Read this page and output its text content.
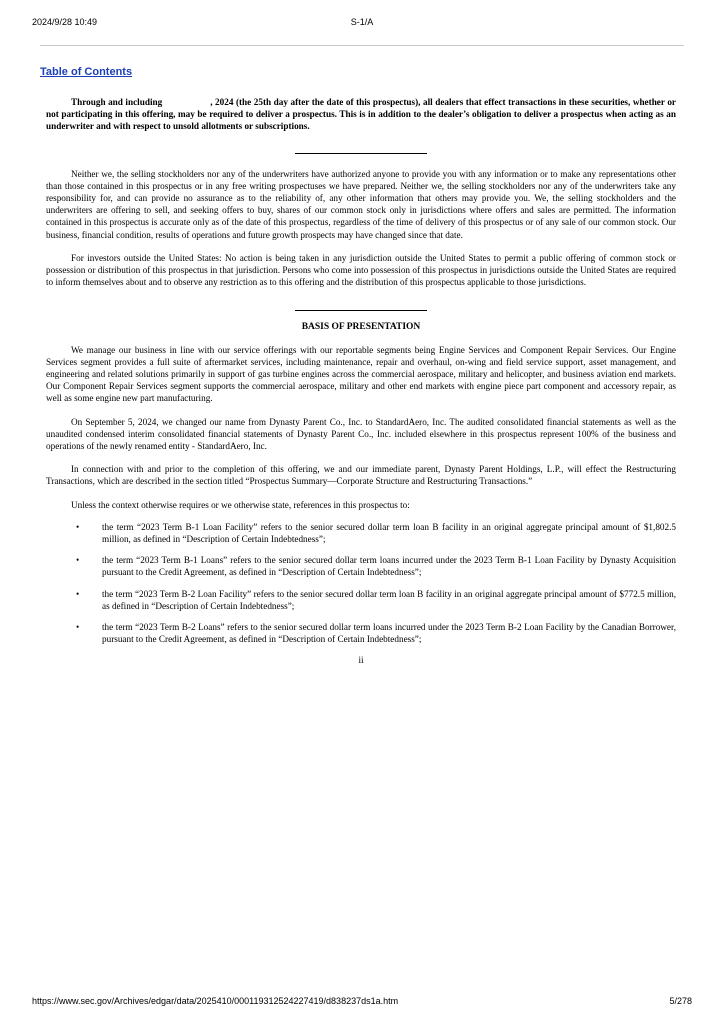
2024/9/28 10:49	S-1/A
Table of Contents

Through and including	, 2024 (the 25th day after the date of this prospectus), all dealers that effect transactions in these securities, whether or not participating in this offering, may be required to deliver a prospectus. This is in addition to the dealer’s obligation to deliver a prospectus when acting as an underwriter and with respect to unsold allotments or subscriptions.

Neither we, the selling stockholders nor any of the underwriters have authorized anyone to provide you with any information or to make any representations other than those contained in this prospectus or in any free writing prospectuses we have prepared. Neither we, the selling stockholders nor any of the underwriters take any responsibility for, and can provide no assurance as to the reliability of, any other information that others may provide you. We, the selling stockholders and the underwriters are offering to sell, and seeking offers to buy, shares of our common stock only in jurisdictions where offers and sales are permitted. The information contained in this prospectus is accurate only as of the date of this prospectus, regardless of the time of delivery of this prospectus or of any sale of our common stock. Our business, financial condition, results of operations and future growth prospects may have changed since that date.

For investors outside the United States: No action is being taken in any jurisdiction outside the United States to permit a public offering of common stock or possession or distribution of this prospectus in that jurisdiction. Persons who come into possession of this prospectus in jurisdictions outside the United States are required to inform themselves about and to observe any restriction as to this offering and the distribution of this prospectus applicable to those jurisdictions.

BASIS OF PRESENTATION

We manage our business in line with our service offerings with our reportable segments being Engine Services and Component Repair Services. Our Engine Services segment provides a full suite of aftermarket services, including maintenance, repair and overhaul, on-wing and field service support, asset management, and engineering and related solutions primarily in support of gas turbine engines across the commercial aerospace, military and helicopter, and business aviation end markets. Our Component Repair Services segment supports the commercial aerospace, military and other end markets with engine piece part component and accessory repair, as well as some engine new part manufacturing.

On September 5, 2024, we changed our name from Dynasty Parent Co., Inc. to StandardAero, Inc. The audited consolidated financial statements as well as the unaudited condensed interim consolidated financial statements of Dynasty Parent Co., Inc. included elsewhere in this prospectus represent 100% of the business and operations of the newly renamed entity - StandardAero, Inc.

In connection with and prior to the completion of this offering, we and our immediate parent, Dynasty Parent Holdings, L.P., will effect the Restructuring Transactions, which are described in the section titled “Prospectus Summary—Corporate Structure and Restructuring Transactions.”

Unless the context otherwise requires or we otherwise state, references in this prospectus to:

• the term “2023 Term B-1 Loan Facility” refers to the senior secured dollar term loan B facility in an original aggregate principal amount of $1,802.5 million, as defined in “Description of Certain Indebtedness”;
• the term “2023 Term B-1 Loans” refers to the senior secured dollar term loans incurred under the 2023 Term B-1 Loan Facility by Dynasty Acquisition pursuant to the Credit Agreement, as defined in “Description of Certain Indebtedness”;
• the term “2023 Term B-2 Loan Facility” refers to the senior secured dollar term loan B facility in an original aggregate principal amount of $772.5 million, as defined in “Description of Certain Indebtedness”;
• the term “2023 Term B-2 Loans” refers to the senior secured dollar term loans incurred under the 2023 Term B-2 Loan Facility by the Canadian Borrower, pursuant to the Credit Agreement, as defined in “Description of Certain Indebtedness”;
ii
https://www.sec.gov/Archives/edgar/data/2025410/000119312524227419/d838237ds1a.htm	5/278
